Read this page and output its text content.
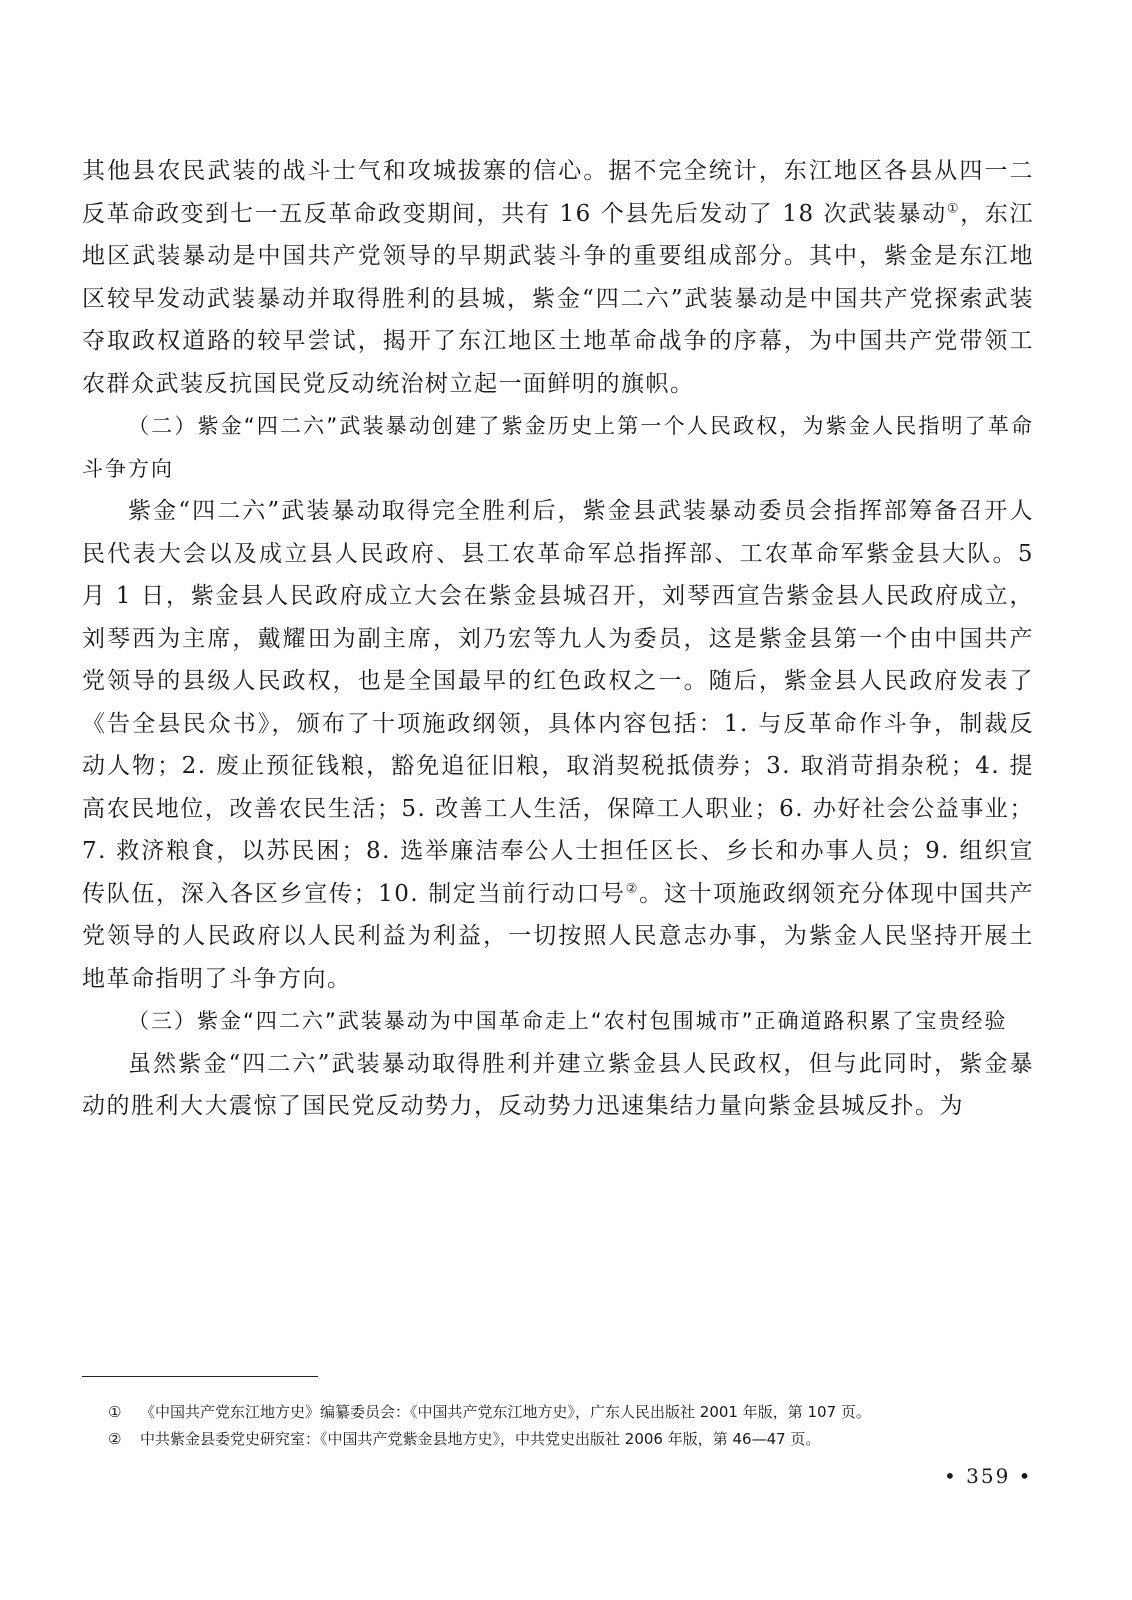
其他县农民武装的战斗士气和攻城拔寨的信心。据不完全统计，东江地区各县从四一二反革命政变到七一五反革命政变期间，共有 16 个县先后发动了 18 次武装暴动①，东江地区武装暴动是中国共产党领导的早期武装斗争的重要组成部分。其中，紫金是东江地区较早发动武装暴动并取得胜利的县城，紫金“四二六”武装暴动是中国共产党探索武装夺取政权道路的较早尝试，揭开了东江地区土地革命战争的序幕，为中国共产党带领工农群众武装反抗国民党反动统治树立起一面鲜明的旗帜。

（二）紫金“四二六”武装暴动创建了紫金历史上第一个人民政权，为紫金人民指明了革命斗争方向

紫金“四二六”武装暴动取得完全胜利后，紫金县武装暴动委员会指挥部筹备召开人民代表大会以及成立县人民政府、县工农革命军总指挥部、工农革命军紫金县大队。5 月 1 日，紫金县人民政府成立大会在紫金县城召开，刘琴西宣告紫金县人民政府成立，刘琴西为主席，戴耀田为副主席，刘乃宏等九人为委员，这是紫金县第一个由中国共产党领导的县级人民政权，也是全国最早的红色政权之一。随后，紫金县人民政府发表了《告全县民众书》，颁布了十项施政纲领，具体内容包括：1. 与反革命作斗争，制裁反动人物；2. 废止预征钱粮，豁免追征旧粮，取消契税抵债券；3. 取消苛捐杂税；4. 提高农民地位，改善农民生活；5. 改善工人生活，保障工人职业；6. 办好社会公益事业；7. 救济粮食，以苏民困；8. 选举廉洁奉公人士担任区长、乡长和办事人员；9. 组织宣传队伍，深入各区乡宣传；10. 制定当前行动口号②。这十项施政纲领充分体现中国共产党领导的人民政府以人民利益为利益，一切按照人民意志办事，为紫金人民坚持开展土地革命指明了斗争方向。

（三）紫金“四二六”武装暴动为中国革命走上“农村包围城市”正确道路积累了宝贵经验

虽然紫金“四二六”武装暴动取得胜利并建立紫金县人民政权，但与此同时，紫金暴动的胜利大大震惊了国民党反动势力，反动势力迅速集结力量向紫金县城反扑。为

① 《中国共产党东江地方史》编纂委员会：《中国共产党东江地方史》，广东人民出版社 2001 年版，第 107 页。

② 中共紫金县委党史研究室：《中国共产党紫金县地方史》，中共党史出版社 2006 年版，第 46—47 页。

• 359 •
